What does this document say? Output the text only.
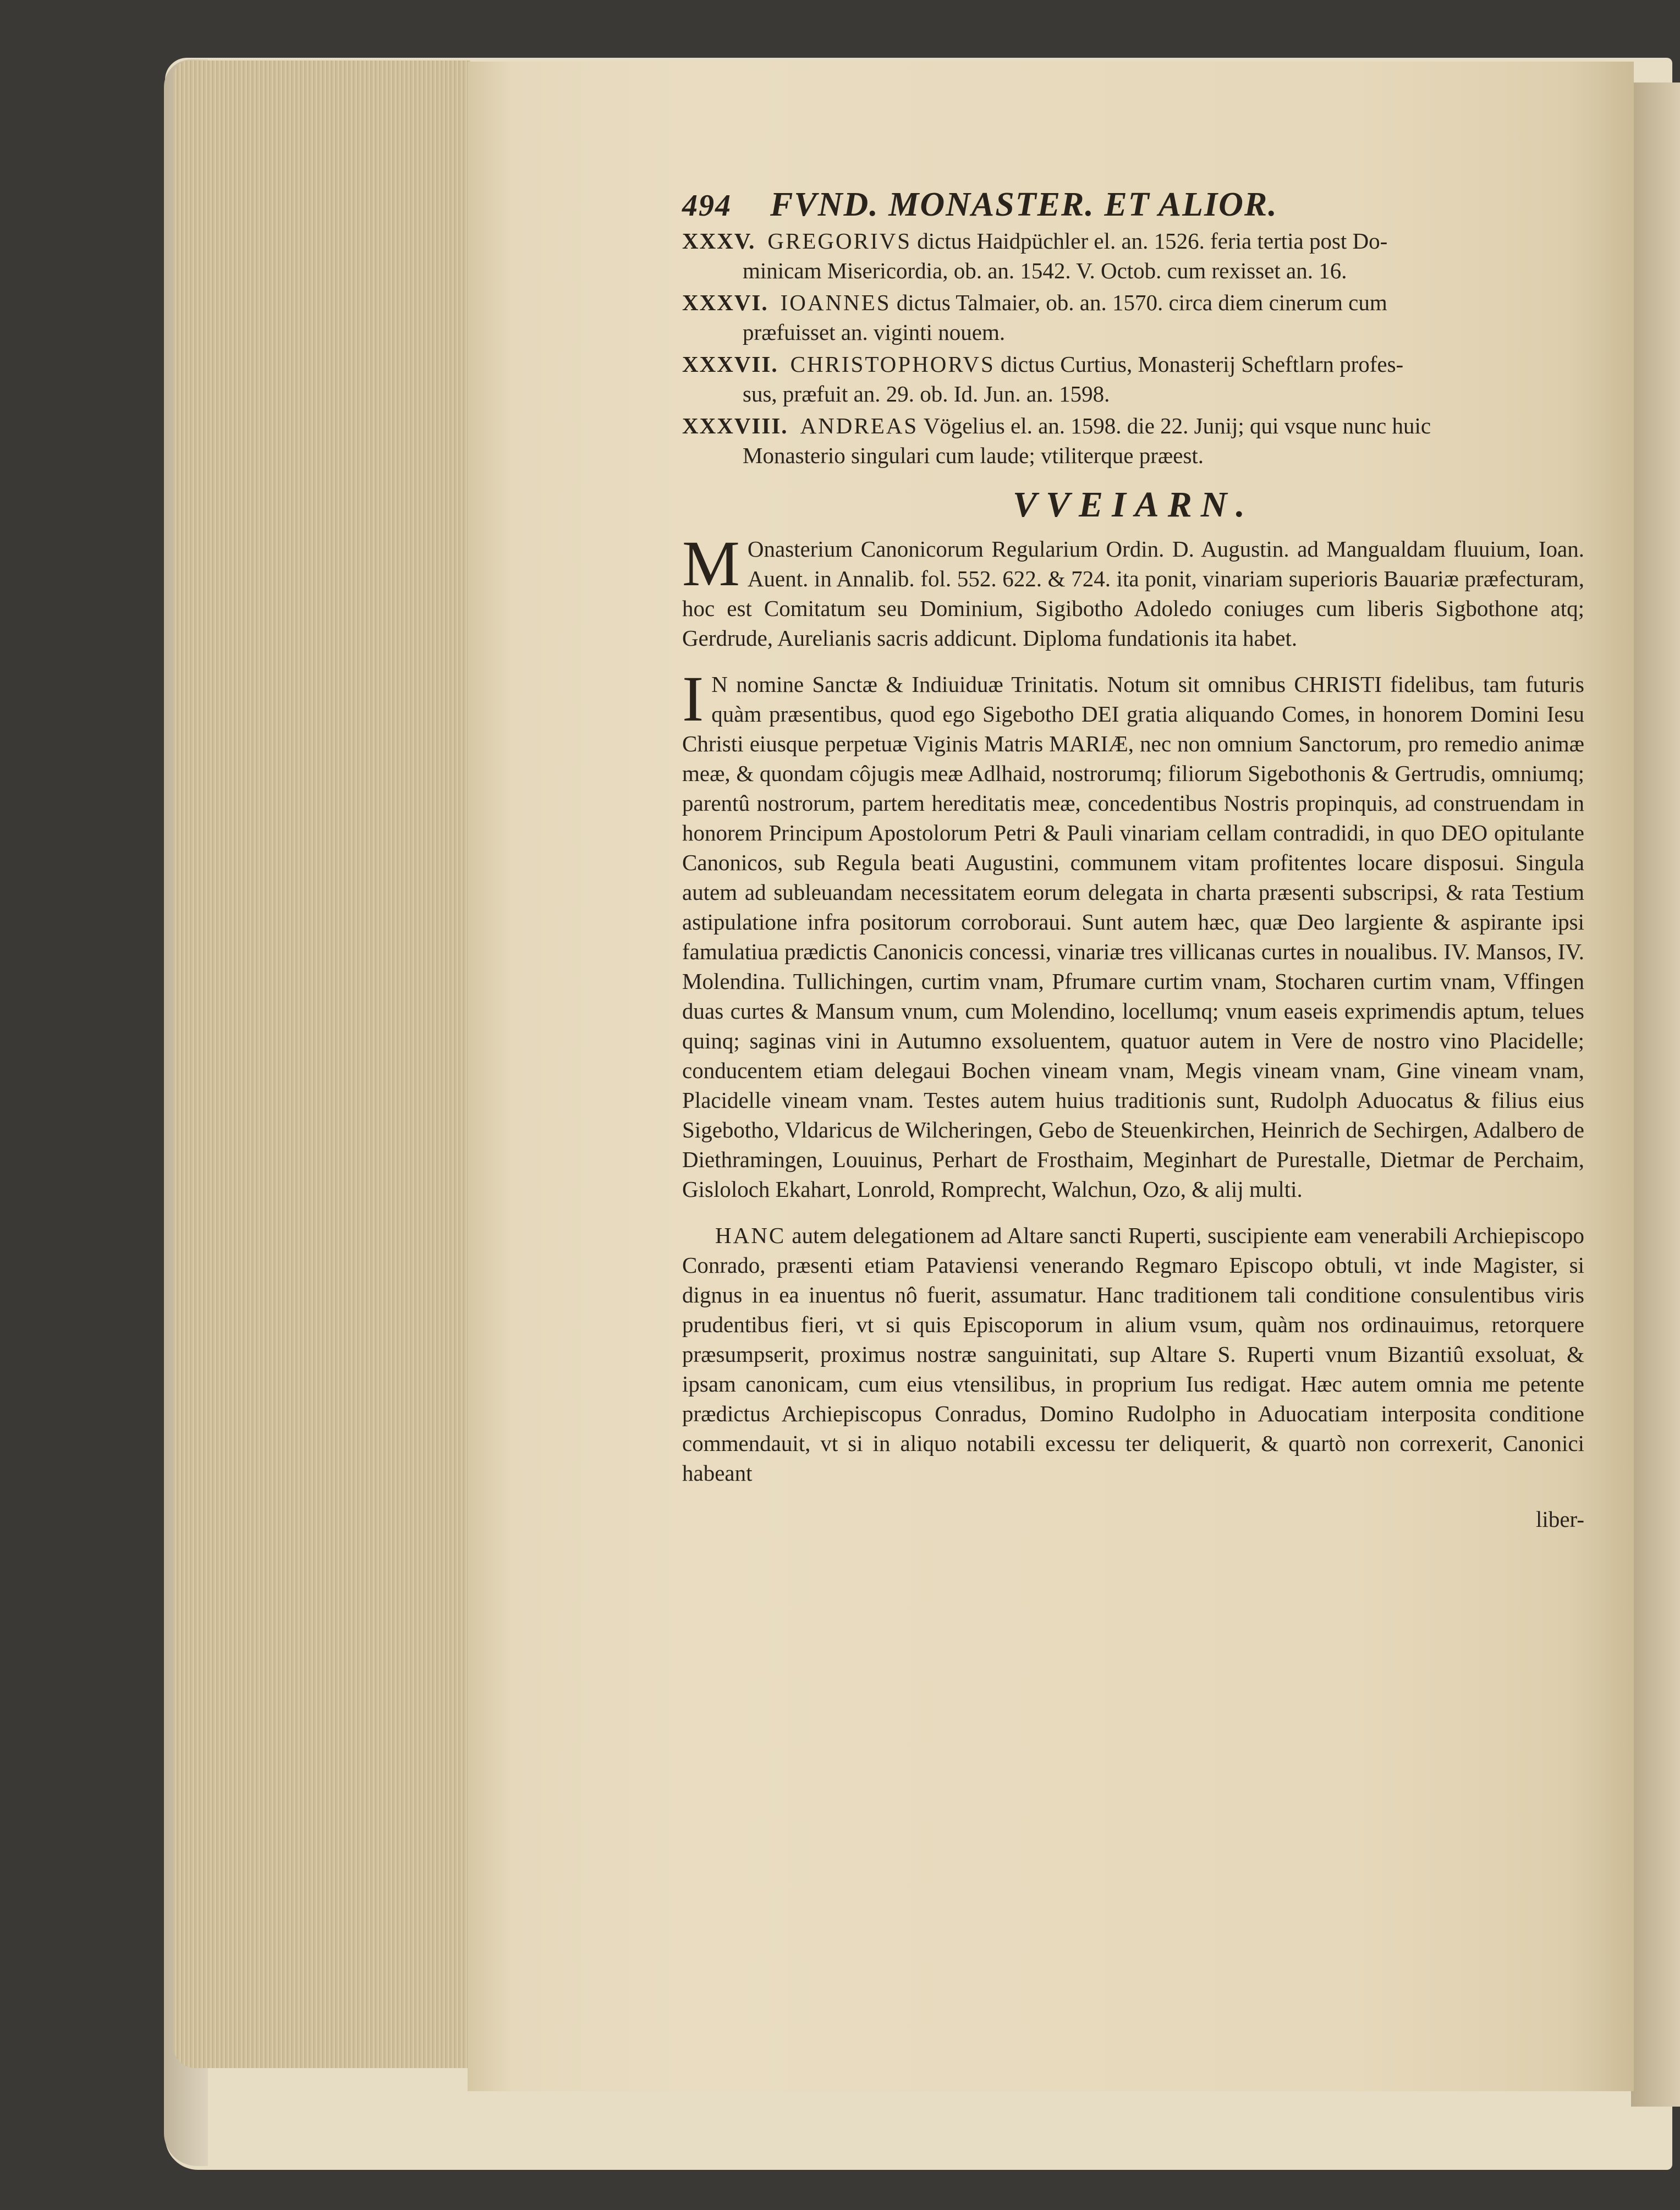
494 FVND. MONASTER. ET ALIOR.
XXXV. GREGORIVS dictus Haidpüchler el. an. 1526. feria tertia post Do-
minicam Misericordia, ob. an. 1542. V. Octob. cum rexisset an. 16.
XXXVI. IOANNES dictus Talmaier, ob. an. 1570. circa diem cinerum cum
præfuisset an. viginti nouem.
XXXVII. CHRISTOPHORVS dictus Curtius, Monasterij Scheftlarn profes-
sus, præfuit an. 29. ob. Id. Jun. an. 1598.
XXXVIII. ANDREAS Vögelius el. an. 1598. die 22. Junij; qui vsque nunc huic
Monasterio singulari cum laude; vtiliterque præest.
VVEIARN.
M Onasterium Canonicorum Regularium Ordin. D. Augustin. ad Mangualdam fluuium, Ioan. Auent. in Annalib. fol. 552. 622. & 724. ita ponit, vinariam superioris Bauariæ præfecturam, hoc est Comitatum seu Dominium, Sigibotho Adoledo coniuges cum liberis Sigbothone atq; Gerdrude, Aurelianis sacris addicunt. Diploma fundationis ita habet.

I N nomine Sanctæ & Indiuiduæ Trinitatis. Notum sit omnibus CHRISTI fidelibus, tam futuris quàm præsentibus, quod ego Sigebotho DEI gratia aliquando Comes, in honorem Domini Iesu Christi eiusque perpetuæ Viginis Matris MARIÆ, nec non omnium Sanctorum, pro remedio animæ meæ, & quondam côjugis meæ Adlhaid, nostrorumq; filiorum Sigebothonis & Gertrudis, omniumq; parentû nostrorum, partem hereditatis meæ, concedentibus Nostris propinquis, ad construendam in honorem Principum Apostolorum Petri & Pauli vinariam cellam contradidi, in quo DEO opitulante Canonicos, sub Regula beati Augustini, communem vitam profitentes locare disposui. Singula autem ad subleuandam necessitatem eorum delegata in charta præsenti subscripsi, & rata Testium astipulatione infra positorum corroboraui. Sunt autem hæc, quæ Deo largiente & aspirante ipsi famulatiua prædictis Canonicis concessi, vinariæ tres villicanas curtes in noualibus. IV. Mansos, IV. Molendina. Tullichingen, curtim vnam, Pfrumare curtim vnam, Stocharen curtim vnam, Vffingen duas curtes & Mansum vnum, cum Molendino, locellumq; vnum easeis exprimendis aptum, telues quinq; saginas vini in Autumno exsoluentem, quatuor autem in Vere de nostro vino Placidelle; conducentem etiam delegaui Bochen vineam vnam, Megis vineam vnam, Gine vineam vnam, Placidelle vineam vnam. Testes autem huius traditionis sunt, Rudolph Aduocatus & filius eius Sigebotho, Vldaricus de Wilcheringen, Gebo de Steuenkirchen, Heinrich de Sechirgen, Adalbero de Diethramingen, Louuinus, Perhart de Frosthaim, Meginhart de Purestalle, Dietmar de Perchaim, Gisloloch Ekahart, Lonrold, Romprecht, Walchun, Ozo, & alij multi.

HANC autem delegationem ad Altare sancti Ruperti, suscipiente eam venerabili Archiepiscopo Conrado, præsenti etiam Pataviensi venerando Regmaro Episcopo obtuli, vt inde Magister, si dignus in ea inuentus nô fuerit, assumatur. Hanc traditionem tali conditione consulentibus viris prudentibus fieri, vt si quis Episcoporum in alium vsum, quàm nos ordinauimus, retorquere præsumpserit, proximus nostræ sanguinitati, sup Altare S. Ruperti vnum Bizantiû exsoluat, & ipsam canonicam, cum eius vtensilibus, in proprium Ius redigat. Hæc autem omnia me petente prædictus Archiepiscopus Conradus, Domino Rudolpho in Aduocatiam interposita conditione commendauit, vt si in aliquo notabili excessu ter deliquerit, & quartò non correxerit, Canonici habeant
liber-
